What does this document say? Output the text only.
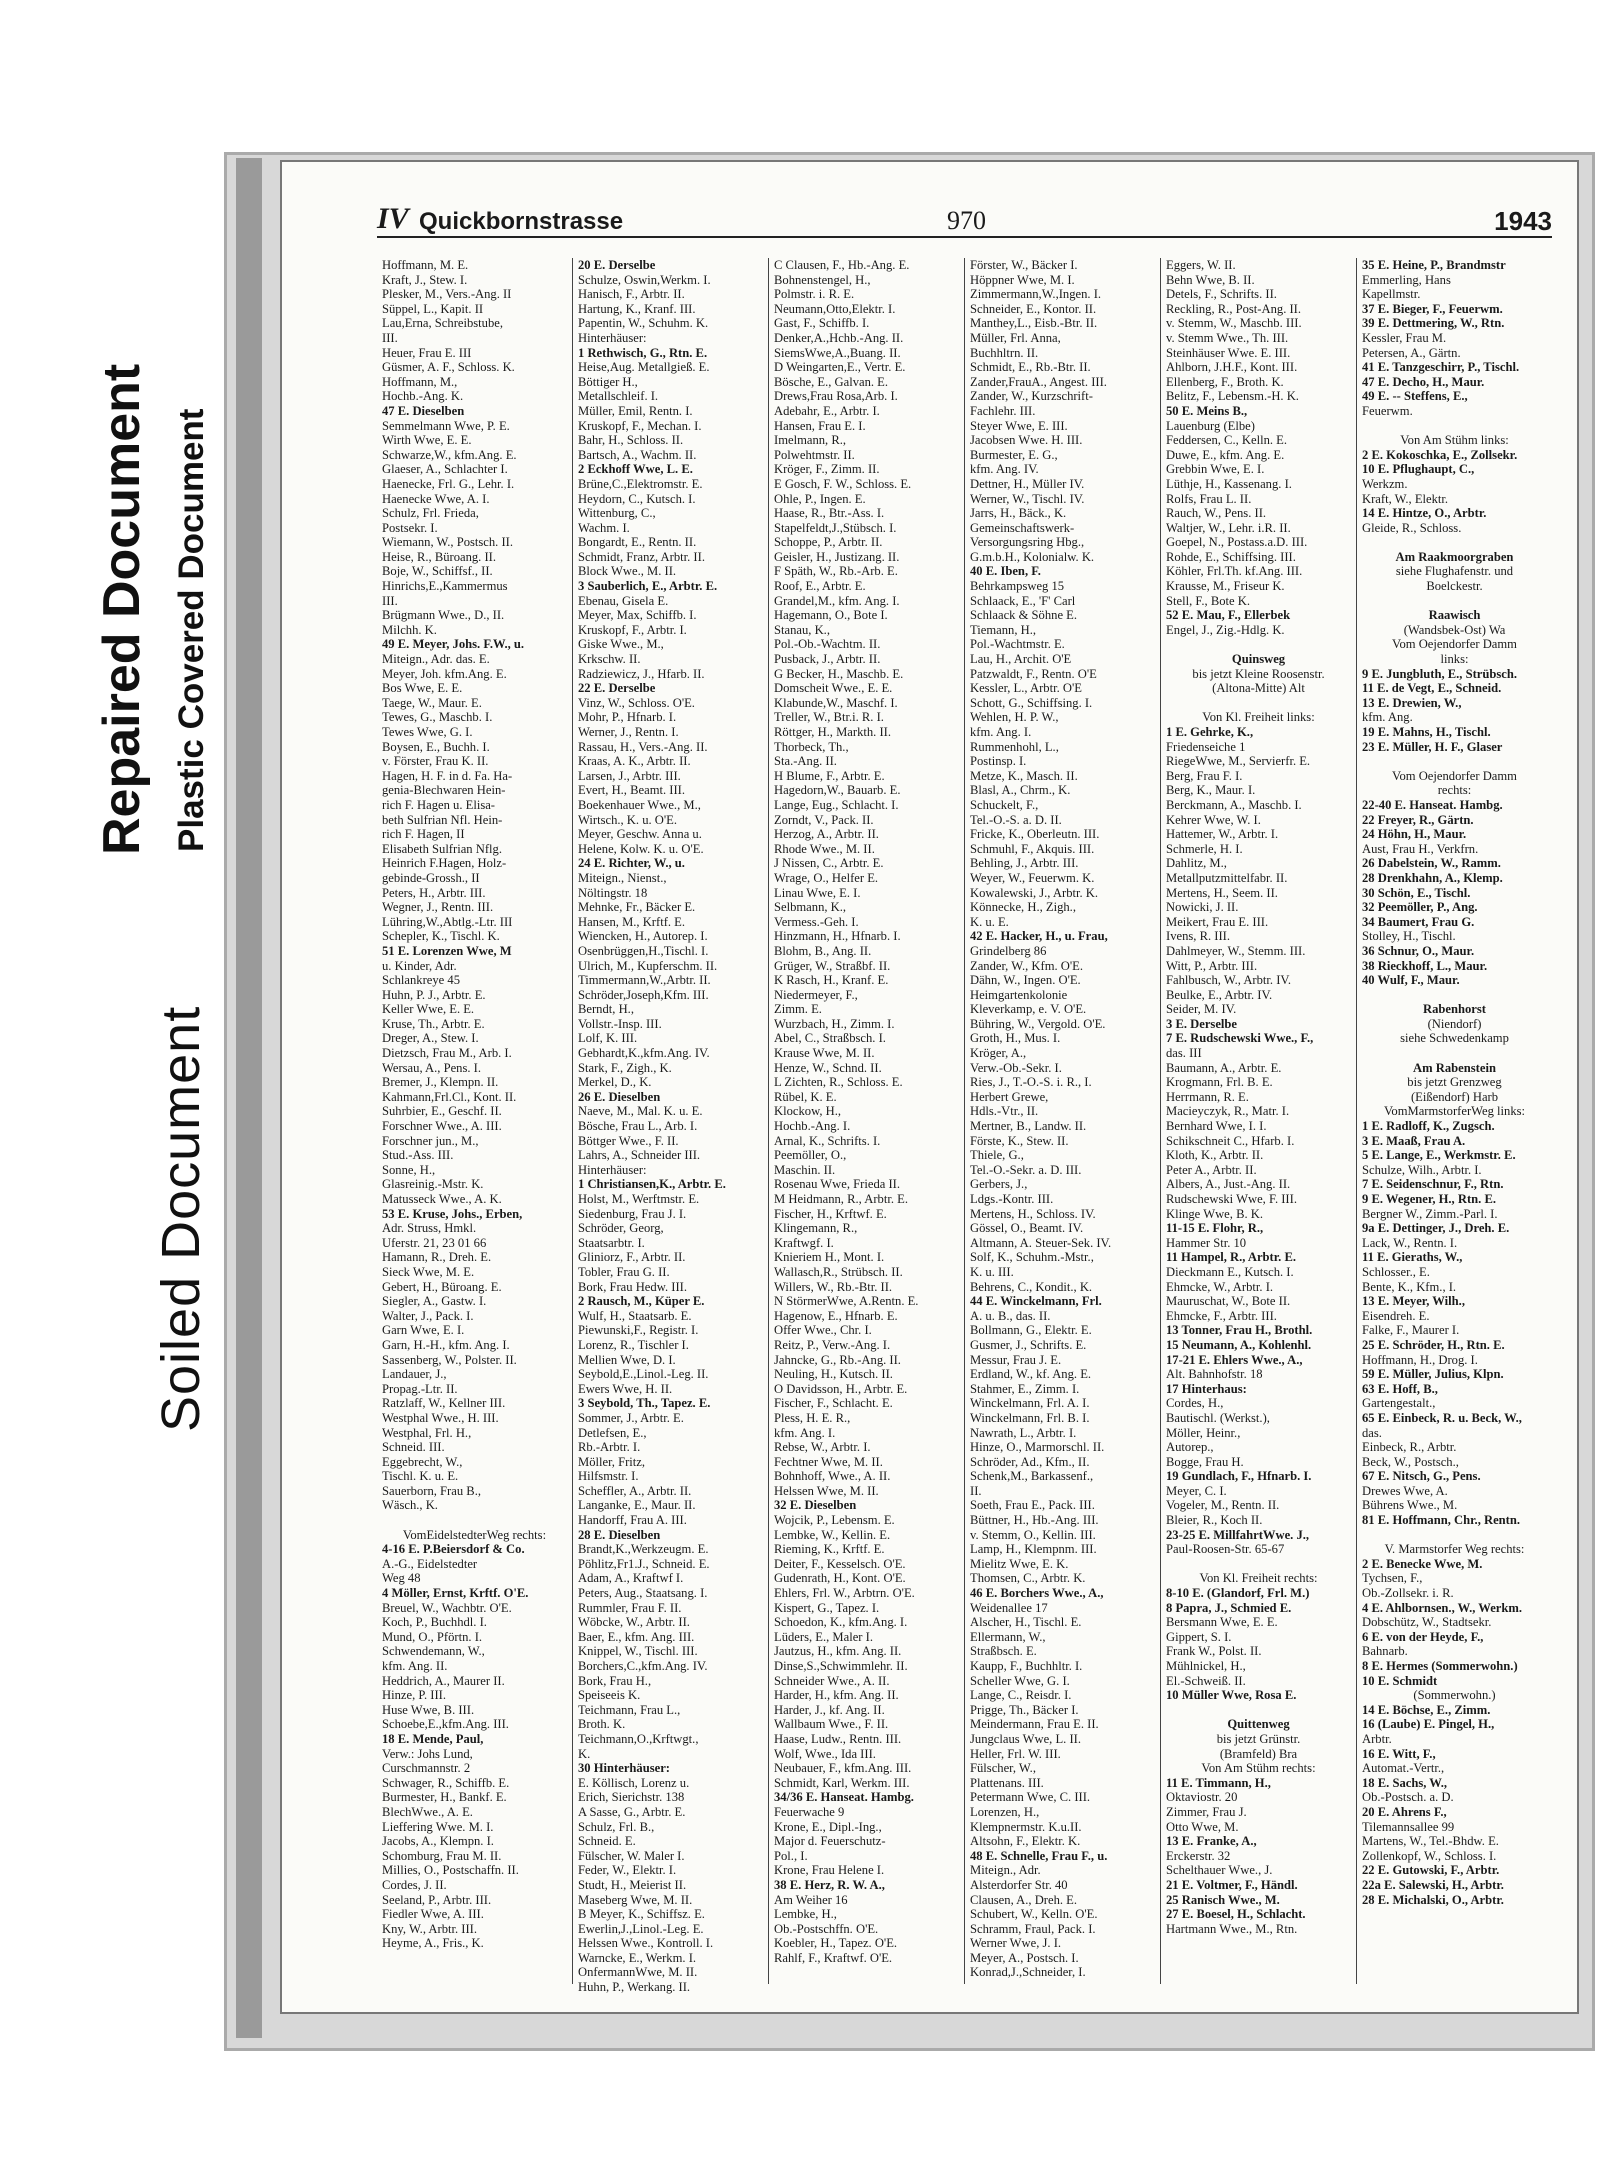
Repaired Document Plastic Covered Document
Soiled Document
IV Quickbornstrasse	970	1943
Hoffmann, M. E.
Kraft, J., Stew. I.
Plesker, M., Vers.-Ang. II
Süppel, L., Kapit. II
Lau,Erna, Schreibstube,
III.
Heuer, Frau E. III
Güsmer, A. F., Schloss. K.
Hoffmann, M.,
Hochb.-Ang. K.
47 E. Dieselben
Semmelmann Wwe, P. E.
Wirth Wwe, E. E.
Schwarze,W., kfm.Ang. E.
Glaeser, A., Schlachter I.
Haenecke, Frl. G., Lehr. I.
Haenecke Wwe, A. I.
Schulz, Frl. Frieda,
Postsekr. I.
Wiemann, W., Postsch. II.
Heise, R., Büroang. II.
Boje, W., Schiffsf., II.
Hinrichs,E.,Kammermus
III.
Brügmann Wwe., D., II.
Milchh. K.
49 E. Meyer, Johs. F.W., u.
Miteign., Adr. das. E.
Meyer, Joh. kfm.Ang. E.
Bos Wwe, E. E.
Taege, W., Maur. E.
Tewes, G., Maschb. I.
Tewes Wwe, G. I.
Boysen, E., Buchh. I.
v. Förster, Frau K. II.
Hagen, H. F. in d. Fa. Ha-
genia-Blechwaren Hein-
rich F. Hagen u. Elisa-
beth Sulfrian Nfl. Hein-
rich F. Hagen, II
Elisabeth Sulfrian Nflg.
Heinrich F.Hagen, Holz-
gebinde-Grossh., II
Peters, H., Arbtr. III.
Wegner, J., Rentn. III.
Lühring,W.,Abtlg.-Ltr. III
Schepler, K., Tischl. K.
51 E. Lorenzen Wwe, M
u. Kinder, Adr.
Schlankreye 45
Huhn, P. J., Arbtr. E.
Keller Wwe, E. E.
Kruse, Th., Arbtr. E.
Dreger, A., Stew. I.
Dietzsch, Frau M., Arb. I.
Wersau, A., Pens. I.
Bremer, J., Klempn. II.
Kahmann,Frl.Cl., Kont. II.
Suhrbier, E., Geschf. II.
Forschner Wwe., A. III.
Forschner jun., M.,
Stud.-Ass. III.
Sonne, H.,
Glasreinig.-Mstr. K.
Matusseck Wwe., A. K.
53 E. Kruse, Johs., Erben,
Adr. Struss, Hmkl.
Uferstr. 21, 23 01 66
Hamann, R., Dreh. E.
Sieck Wwe, M. E.
Gebert, H., Bürоang. E.
Siegler, A., Gastw. I.
Walter, J., Pack. I.
Garn Wwe, E. I.
Garn, H.-H., kfm. Ang. I.
Sassenberg, W., Polster. II.
Landauer, J.,
Propag.-Ltr. II.
Ratzlaff, W., Kellner III.
Westphal Wwe., H. III.
Westphal, Frl. H.,
Schneid. III.
Eggebrecht, W.,
Tischl. K. u. E.
Sauerborn, Frau B.,
Wäsch., K.

VomEidelstedterWeg rechts:
4-16 E. P.Beiersdorf & Co.
A.-G., Eidelstedter
Weg 48
4 Möller, Ernst, Krftf. O'E.
Breuel, W., Wachbtr. O'E.
Koch, P., Buchhdl. I.
Mund, O., Pförtn. I.
Schwendemann, W.,
kfm. Ang. II.
Heddrich, A., Maurer II.
Hinze, P. III.
Huse Wwe, B. III.
Schoebe,E.,kfm.Ang. III.
18 E. Mende, Paul,
Verw.: Johs Lund,
Curschmannstr. 2
Schwager, R., Schiffb. E.
Burmester, H., Bankf. E.
BlechWwe., A. E.
Lieffering Wwe. M. I.
Jacobs, A., Klempn. I.
Schomburg, Frau M. II.
Millies, O., Postschaffn. II.
Cordes, J. II.
Seeland, P., Arbtr. III.
Fiedler Wwe, A. III.
Kny, W., Arbtr. III.
Heyme, A., Fris., K.
20 E. Derselbe
Schulze, Oswin,Werkm. I.
Hanisch, F., Arbtr. II.
Hartung, K., Kranf. III.
Papentin, W., Schuhm. K.
Hinterhäuser:
1 Rethwisch, G., Rtn. E.
Heise,Aug. Metallgieß. E.
Böttiger H.,
Metallschleif. I.
Müller, Emil, Rentn. I.
Kruskopf, F., Mechan. I.
Bahr, H., Schloss. II.
Bartsch, A., Wachm. II.
2 Eckhoff Wwe, L. E.
Brüne,C.,Elektromstr. E.
Heydorn, C., Kutsch. I.
Wittenburg, C.,
Wachm. I.
Bongardt, E., Rentn. II.
Schmidt, Franz, Arbtr. II.
Block Wwe., M. II.
3 Sauberlich, E., Arbtr. E.
Ebenau, Gisela E.
Meyer, Max, Schiffb. I.
Kruskopf, F., Arbtr. I.
Giske Wwe., M.,
Krkschw. II.
Radziewicz, J., Hfarb. II.
22 E. Derselbe
Vinz, W., Schloss. O'E.
Mohr, P., Hfnarb. I.
Werner, J., Rentn. I.
Rassau, H., Vers.-Ang. II.
Kraas, A. K., Arbtr. II.
Larsen, J., Arbtr. III.
Evert, H., Beamt. III.
Boekenhauer Wwe., M.,
Wirtsch., K. u. O'E.
Meyer, Geschw. Anna u.
Helene, Kolw. K. u. O'E.
24 E. Richter, W., u.
Miteign., Nienst.,
Nöltingstr. 18
Mehnke, Fr., Bäcker E.
Hansen, M., Krftf. E.
Wiencken, H., Autorep. I.
Osenbrüggen,H.,Tischl. I.
Ulrich, M., Kupferschm. II.
Timmermann,W.,Arbtr. II.
Schröder,Joseph,Kfm. III.
Berndt, H.,
Vollstr.-Insp. III.
Lolf, K. III.
Gebhardt,K.,kfm.Ang. IV.
Stark, F., Zigh., K.
Merkel, D., K.
26 E. Dieselben
Naeve, M., Mal. K. u. E.
Bösche, Frau L., Arb. I.
Böttger Wwe., F. II.
Lahrs, A., Schneider III.
Hinterhäuser:
1 Christiansen,K., Arbtr. E.
Holst, M., Werftmstr. E.
Siedenburg, Frau J. I.
Schröder, Georg,
Staatsarbtr. I.
Gliniorz, F., Arbtr. II.
Tobler, Frau G. II.
Bork, Frau Hedw. III.
2 Rausch, M., Küper E.
Wulf, H., Staatsarb. E.
Piewunski,F., Registr. I.
Lorenz, R., Tischler I.
Mellien Wwe, D. I.
Seybold,E.,Linol.-Leg. II.
Ewers Wwe, H. II.
3 Seybold, Th., Tapez. E.
Sommer, J., Arbtr. E.
Detlefsen, E.,
Rb.-Arbtr. I.
Möller, Fritz,
Hilfsmstr. I.
Scheffler, A., Arbtr. II.
Langanke, E., Maur. II.
Handorff, Frau A. III.
28 E. Dieselben
Brandt,K.,Werkzeugm. E.
Pöhlitz,Fr1.J., Schneid. E.
Adam, A., Kraftwf I.
Peters, Aug., Staatsang. I.
Rummler, Frau F. II.
Wöbcke, W., Arbtr. II.
Baer, E., kfm. Ang. III.
Knippel, W., Tischl. III.
Borchers,C.,kfm.Ang. IV.
Bork, Frau H.,
Speiseeis K.
Teichmann, Frau L.,
Broth. K.
Teichmann,O.,Krftwgt.,
K.
30 Hinterhäuser:
E. Köllisch, Lorenz u.
Erich, Sierichstr. 138
A Sasse, G., Arbtr. E.
Schulz, Frl. B.,
Schneid. E.
Fülscher, W. Maler I.
Feder, W., Elektr. I.
Studt, H., Meierist II.
Maseberg Wwe, M. II.
B Meyer, K., Schiffsz. E.
Ewerlin,J.,Linol.-Leg. E.
Helssen Wwe., Kontroll. I.
Warncke, E., Werkm. I.
OnfermannWwe, M. II.
Huhn, P., Werkang. II.
C Clausen, F., Hb.-Ang. E.
Bohnenstengel, H.,
Polmstr. i. R. E.
Neumann,Otto,Elektr. I.
Gast, F., Schiffb. I.
Denker,A.,Hchb.-Ang. II.
SiemsWwe,A.,Buang. II.
D Weingarten,E., Vertr. E.
Bösche, E., Galvan. E.
Drews,Frau Rosa,Arb. I.
Adebahr, E., Arbtr. I.
Hansen, Frau E. I.
Imelmann, R.,
Polwehtmstr. II.
Kröger, F., Zimm. II.
E Gosch, F. W., Schloss. E.
Ohle, P., Ingen. E.
Haase, R., Btr.-Ass. I.
Stapelfeldt,J.,Stübsch. I.
Schoppe, P., Arbtr. II.
Geisler, H., Justizang. II.
F Späth, W., Rb.-Arb. E.
Roof, E., Arbtr. E.
Grandel,M., kfm. Ang. I.
Hagemann, O., Bote I.
Stanau, K.,
Pol.-Ob.-Wachtm. II.
Pusback, J., Arbtr. II.
G Becker, H., Maschb. E.
Domscheit Wwe., E. E.
Klabunde,W., Maschf. I.
Treller, W., Btr.i. R. I.
Röttger, H., Markth. II.
Thorbeck, Th.,
Sta.-Ang. II.
H Blume, F., Arbtr. E.
Hagedorn,W., Bauarb. E.
Lange, Eug., Schlacht. I.
Zorndt, V., Pack. II.
Herzog, A., Arbtr. II.
Rhode Wwe., M. II.
J Nissen, C., Arbtr. E.
Wrage, O., Helfer E.
Linau Wwe, E. I.
Selbmann, K.,
Vermess.-Geh. I.
Hinzmann, H., Hfnarb. I.
Blohm, B., Ang. II.
Grüger, W., Straßbf. II.
K Rasch, H., Kranf. E.
Niedermeyer, F.,
Zimm. E.
Wurzbach, H., Zimm. I.
Abel, C., Straßbsch. I.
Krause Wwe, M. II.
Henze, W., Schnd. II.
L Zichten, R., Schloss. E.
Rübel, K. E.
Klockow, H.,
Hochb.-Ang. I.
Arnal, K., Schrifts. I.
Peemöller, O.,
Maschin. II.
Rosenau Wwe, Frieda II.
M Heidmann, R., Arbtr. E.
Fischer, H., Krftwf. E.
Klingemann, R.,
Kraftwgf. I.
Knieriem H., Mont. I.
Wallasch,R., Strübsch. II.
Willers, W., Rb.-Btr. II.
N StörmerWwe, A.Rentn. E.
Hagenow, E., Hfnarb. E.
Offer Wwe., Chr. I.
Reitz, P., Verw.-Ang. I.
Jahncke, G., Rb.-Ang. II.
Neuling, H., Kutsch. II.
O Davidsson, H., Arbtr. E.
Fischer, F., Schlacht. E.
Pless, H. E. R.,
kfm. Ang. I.
Rebse, W., Arbtr. I.
Fechtner Wwe, M. II.
Bohnhoff, Wwe., A. II.
Helssen Wwe, M. II.
32 E. Dieselben
Wojcik, P., Lebensm. E.
Lembke, W., Kellin. E.
Rieming, K., Krftf. E.
Deiter, F., Kesselsch. O'E.
Gudenrath, H., Kont. O'E.
Ehlers, Frl. W., Arbtrn. O'E.
Kispert, G., Tapez. I.
Schoedon, K., kfm.Ang. I.
Lüders, E., Maler I.
Jautzus, H., kfm. Ang. II.
Dinse,S.,Schwimmlehr. II.
Schneider Wwe., A. II.
Harder, H., kfm. Ang. II.
Harder, J., kf. Ang. II.
Wallbaum Wwe., F. II.
Haase, Ludw., Rentn. III.
Wolf, Wwe., Ida III.
Neubauer, F., kfm.Ang. III.
Schmidt, Karl, Werkm. III.
34/36 E. Hanseat. Hambg.
Feuerwache 9
Krone, E., Dipl.-Ing.,
Major d. Feuerschutz-
Pol., I.
Krone, Frau Helene I.
38 E. Herz, R. W. A.,
Am Weiher 16
Lembke, H.,
Ob.-Postschffn. O'E.
Koebler, H., Tapez. O'E.
Rahlf, F., Kraftwf. O'E.
Förster, W., Bäcker I.
Höppner Wwe, M. I.
Zimmermann,W.,Ingen. I.
Schneider, E., Kontor. II.
Manthey,L., Eisb.-Btr. II.
Müller, Frl. Anna,
Buchhltrn. II.
Schmidt, E., Rb.-Btr. II.
Zander,FrauA., Angest. III.
Zander, W., Kurzschrift-
Fachlehr. III.
Steyer Wwe, E. III.
Jacobsen Wwe. H. III.
Burmester, E. G.,
kfm. Ang. IV.
Dettner, H., Müller IV.
Werner, W., Tischl. IV.
Jarrs, H., Bäck., K.
Gemeinschaftswerk-
Versorgungsring Hbg.,
G.m.b.H., Kolonialw. K.
40 E. Iben, F.
Behrkampsweg 15
Schlaack, E., 'F' Carl
Schlaack & Söhne E.
Tiemann, H.,
Pol.-Wachtmstr. E.
Lau, H., Archit. O'E
Patzwaldt, F., Rentn. O'E
Kessler, L., Arbtr. O'E
Schott, G., Schiffsing. I.
Wehlen, H. P. W.,
kfm. Ang. I.
Rummenhohl, L.,
Postinsp. I.
Metze, K., Masch. II.
Blasl, A., Chrm., K.
Schuckelt, F.,
Tel.-O.-S. a. D. II.
Fricke, K., Oberleutn. III.
Schmuhl, F., Akquis. III.
Behling, J., Arbtr. III.
Weyer, W., Feuerwm. K.
Kowalewski, J., Arbtr. K.
Könnecke, H., Zigh.,
K. u. E.
42 E. Hacker, H., u. Frau,
Grindelberg 86
Zander, W., Kfm. O'E.
Dähn, W., Ingen. O'E.
Heimgartenkolonie
Kleverkamp, e. V. O'E.
Bühring, W., Vergold. O'E.
Groth, H., Mus. I.
Kröger, A.,
Verw.-Ob.-Sekr. I.
Ries, J., T.-O.-S. i. R., I.
Herbert Grewe,
Hdls.-Vtr., II.
Mertner, B., Landw. II.
Förste, K., Stew. II.
Thiele, G.,
Tel.-O.-Sekr. a. D. III.
Gerbers, J.,
Ldgs.-Kontr. III.
Mertens, H., Schloss. IV.
Gössel, O., Beamt. IV.
Altmann, A. Steuer-Sek. IV.
Solf, K., Schuhm.-Mstr.,
K. u. III.
Behrens, C., Kondit., K.
44 E. Winckelmann, Frl.
A. u. B., das. II.
Bollmann, G., Elektr. E.
Gusmer, J., Schrifts. E.
Messur, Frau J. E.
Erdland, W., kf. Ang. E.
Stahmer, E., Zimm. I.
Winckelmann, Frl. A. I.
Winckelmann, Frl. B. I.
Nawrath, L., Arbtr. I.
Hinze, O., Marmorschl. II.
Schröder, Ad., Kfm., II.
Schenk,M., Barkassenf.,
II.
Soeth, Frau E., Pack. III.
Büttner, H., Hb.-Ang. III.
v. Stemm, O., Kellin. III.
Lamp, H., Klempnm. III.
Mielitz Wwe, E. K.
Thomsen, C., Arbtr. K.
46 E. Borchers Wwe., A.,
Weidenallee 17
Alscher, H., Tischl. E.
Ellermann, W.,
Straßbsch. E.
Kaupp, F., Buchhltr. I.
Scheller Wwe, G. I.
Lange, C., Reisdr. I.
Prigge, Th., Bäcker I.
Meindermann, Frau E. II.
Jungclaus Wwe, L. II.
Heller, Frl. W. III.
Fülscher, W.,
Plattenans. III.
Petermann Wwe, C. III.
Lorenzen, H.,
Klempnermstr. K.u.II.
Altsohn, F., Elektr. K.
48 E. Schnelle, Frau F., u.
Miteign., Adr.
Alsterdorfer Str. 40
Clausen, A., Dreh. E.
Schubert, W., Kelln. O'E.
Schramm, Fraul, Pack. I.
Werner Wwe, J. I.
Meyer, A., Postsch. I.
Konrad,J.,Schneider, I.
Eggers, W. II.
Behn Wwe, B. II.
Detels, F., Schrifts. II.
Reckling, R., Post-Ang. II.
v. Stemm, W., Maschb. III.
v. Stemm Wwe., Th. III.
Steinhäuser Wwe. E. III.
Ahlborn, J.H.F., Kont. III.
Ellenberg, F., Broth. K.
Belitz, F., Lebensm.-H. K.
50 E. Meins B.,
Lauenburg (Elbe)
Feddersen, C., Kelln. E.
Duwe, E., kfm. Ang. E.
Grebbin Wwe, E. I.
Lüthje, H., Kassenang. I.
Rolfs, Frau L. II.
Rauch, W., Pens. II.
Waltjer, W., Lehr. i.R. II.
Goepel, N., Postass.a.D. III.
Rohde, E., Schiffsing. III.
Köhler, Frl.Th. kf.Ang. III.
Krausse, M., Friseur K.
Stell, F., Bote K.
52 E. Mau, F., Ellerbek
Engel, J., Zig.-Hdlg. K.

Quinsweg
bis jetzt Kleine Roosenstr.
(Altona-Mitte) Alt

Von Kl. Freiheit links:
1 E. Gehrke, K.,
Friedenseiche 1
RiegeWwe, M., Servierfr. E.
Berg, Frau F. I.
Berg, K., Maur. I.
Berckmann, A., Maschb. I.
Kehrer Wwe, W. I.
Hattemer, W., Arbtr. I.
Schmerle, H. I.
Dahlitz, M.,
Metallputzmittelfabr. II.
Mertens, H., Seem. II.
Nowicki, J. II.
Meikert, Frau E. III.
Ivens, R. III.
Dahlmeyer, W., Stemm. III.
Witt, P., Arbtr. III.
Fahlbusch, W., Arbtr. IV.
Beulke, E., Arbtr. IV.
Seider, M. IV.
3 E. Derselbe
7 E. Rudschewski Wwe., F.,
das. III
Baumann, A., Arbtr. E.
Krogmann, Frl. B. E.
Herrmann, R. E.
Macieyczyk, R., Matr. I.
Bernhard Wwe, I. I.
Schikschneit C., Hfarb. I.
Kloth, K., Arbtr. II.
Peter A., Arbtr. II.
Albers, A., Just.-Ang. II.
Rudschewski Wwe, F. III.
Klinge Wwe, B. K.
11-15 E. Flohr, R.,
Hammer Str. 10
11 Hampel, R., Arbtr. E.
Dieckmann E., Kutsch. I.
Ehmcke, W., Arbtr. I.
Mauruschat, W., Bote II.
Ehmcke, F., Arbtr. III.
13 Tonner, Frau H., Brothl.
15 Neumann, A., Kohlenhl.
17-21 E. Ehlers Wwe., A.,
Alt. Bahnhofstr. 18
17 Hinterhaus:
Cordes, H.,
Bautischl. (Werkst.),
Möller, Heinr.,
Autorep.,
Bogge, Frau H.
19 Gundlach, F., Hfnarb. I.
Meyer, C. I.
Vogeler, M., Rentn. II.
Bleier, R., Koch II.
23-25 E. MillfahrtWwe. J.,
Paul-Roosen-Str. 65-67

Von Kl. Freiheit rechts:
8-10 E. (Glandorf, Frl. M.)
8 Papra, J., Schmied E.
Bersmann Wwe, E. E.
Gippert, S. I.
Frank W., Polst. II.
Mühlnickel, H.,
El.-Schweiß. II.
10 Müller Wwe, Rosa E.

Quittenweg
bis jetzt Grünstr.
(Bramfeld) Bra
Von Am Stühm rechts:
11 E. Timmann, H.,
Oktaviostr. 20
Zimmer, Frau J.
Otto Wwe, M.
13 E. Franke, A.,
Erckerstr. 32
Schelthauer Wwe., J.
21 E. Voltmer, F., Händl.
25 Ranisch Wwe., M.
27 E. Boesel, H., Schlacht.
Hartmann Wwe., M., Rtn.
35 E. Heine, P., Brandmstr
Emmerling, Hans
Kapellmstr.
37 E. Bieger, F., Feuerwm.
39 E. Dettmering, W., Rtn.
Kessler, Frau M.
Petersen, A., Gärtn.
41 E. Tanzgeschirr, P., Tischl.
47 E. Decho, H., Maur.
49 E. -- Steffens, E.,
Feuerwm.

Von Am Stühm links:
2 E. Kokoschka, E., Zollsekr.
10 E. Pflughaupt, C.,
Werkzm.
Kraft, W., Elektr.
14 E. Hintze, O., Arbtr.
Gleide, R., Schloss.

Am Raakmoorgraben
siehe Flughafenstr. und
Boelckestr.

Raawisch
(Wandsbek-Ost) Wa
Vom Oejendorfer Damm
links:
9 E. Jungbluth, E., Strübsch.
11 E. de Vegt, E., Schneid.
13 E. Drewien, W.,
kfm. Ang.
19 E. Mahns, H., Tischl.
23 E. Müller, H. F., Glaser

Vom Oejendorfer Damm
rechts:
22-40 E. Hanseat. Hambg.
22 Freyer, R., Gärtn.
24 Höhn, H., Maur.
Aust, Frau H., Verkfrn.
26 Dabelstein, W., Ramm.
28 Drenkhahn, A., Klemp.
30 Schön, E., Tischl.
32 Peemöller, P., Ang.
34 Baumert, Frau G.
Stolley, H., Tischl.
36 Schnur, O., Maur.
38 Rieckhoff, L., Maur.
40 Wulf, F., Maur.

Rabenhorst
(Niendorf)
siehe Schwedenkamp

Am Rabenstein
bis jetzt Grenzweg
(Eißendorf) Harb
VomMarmstorferWeg links:
1 E. Radloff, K., Zugsch.
3 E. Maaß, Frau A.
5 E. Lange, E., Werkmstr. E.
Schulze, Wilh., Arbtr. I.
7 E. Seidenschnur, F., Rtn.
9 E. Wegener, H., Rtn. E.
Bergner W., Zimm.-Parl. I.
9a E. Dettinger, J., Dreh. E.
Lack, W., Rentn. I.
11 E. Gieraths, W.,
Schlosser., E.
Bente, K., Kfm., I.
13 E. Meyer, Wilh.,
Eisendreh. E.
Falke, F., Maurer I.
25 E. Schröder, H., Rtn. E.
Hoffmann, H., Drog. I.
59 E. Müller, Julius, Klpn.
63 E. Hoff, B.,
Gartengestalt.,
65 E. Einbeck, R. u. Beck, W.,
das.
Einbeck, R., Arbtr.
Beck, W., Postsch.,
67 E. Nitsch, G., Pens.
Drewes Wwe, A.
Bührens Wwe., M.
81 E. Hoffmann, Chr., Rentn.

V. Marmstorfer Weg rechts:
2 E. Benecke Wwe, M.
Tychsen, F.,
Ob.-Zollsekr. i. R.
4 E. Ahlbornsen., W., Werkm.
Dobschütz, W., Stadtsekr.
6 E. von der Heyde, F.,
Bahnarb.
8 E. Hermes (Sommerwohn.)
10 E. Schmidt
(Sommerwohn.)
14 E. Böchse, E., Zimm.
16 (Laube) E. Pingel, H.,
Arbtr.
16 E. Witt, F.,
Automat.-Vertr.,
18 E. Sachs, W.,
Ob.-Postsch. a. D.
20 E. Ahrens F.,
Tilemannsallee 99
Martens, W., Tel.-Bhdw. E.
Zollenkopf, W., Schloss. I.
22 E. Gutowski, F., Arbtr.
22a E. Salewski, H., Arbtr.
28 E. Michalski, O., Arbtr.
